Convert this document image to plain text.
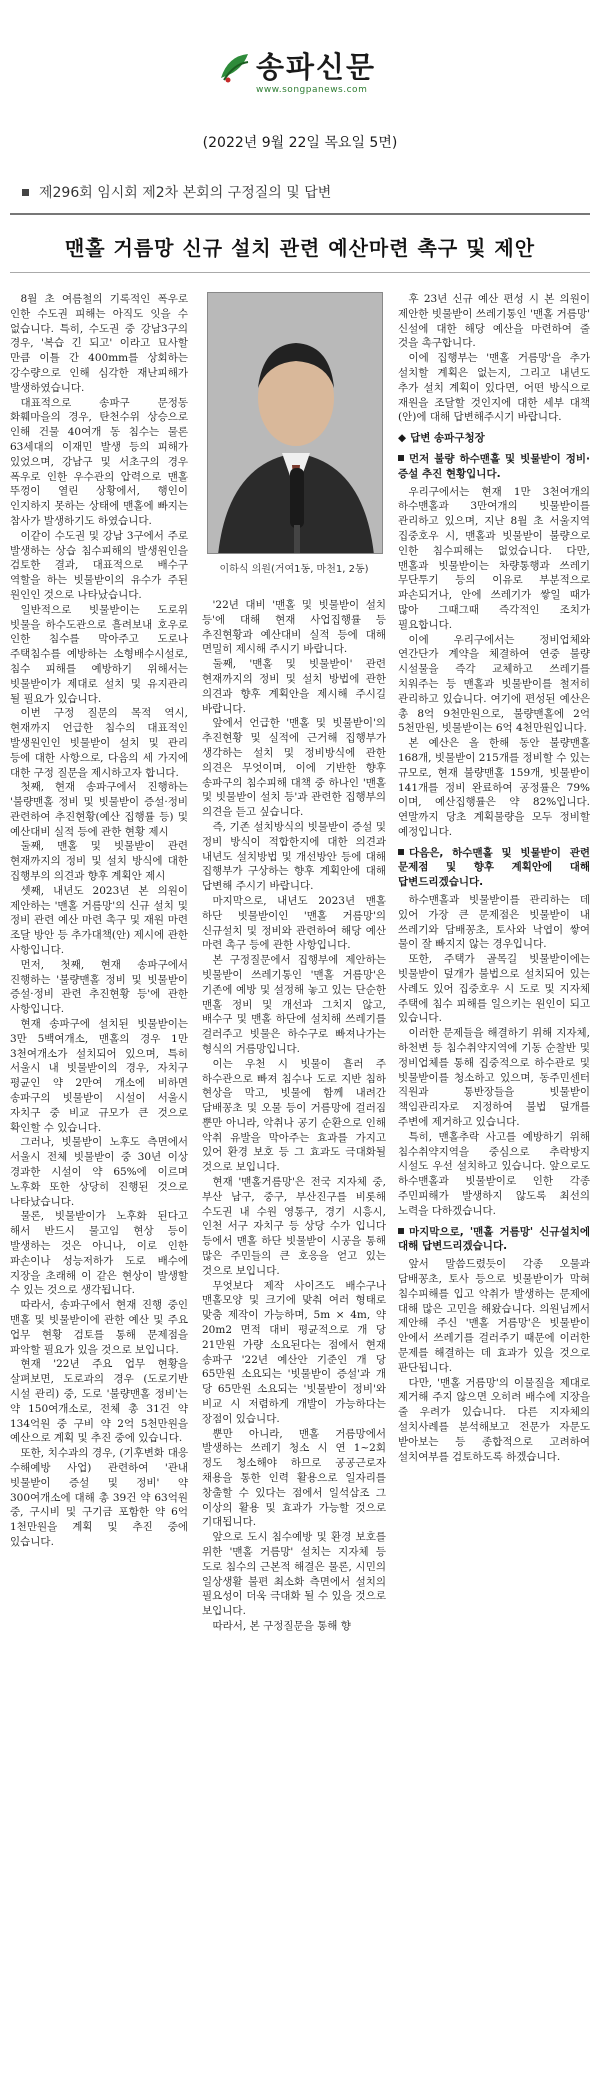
송파신문
www.songpanews.com
(2022년 9월 22일 목요일 5면)
제296회 임시회 제2차 본회의 구정질의 및 답변
맨홀 거름망 신규 설치 관련 예산마련 촉구 및 제안

8월 초 여름철의 기록적인 폭우로 인한 수도권 피해는 아직도 잇을 수 없습니다. 특히, 수도권 중 강남3구의 경우, '복습 긴 되고' 이라고 묘사할 만큼 이틀 간 400mm를 상회하는 강수량으로 인해 심각한 재난피해가 발생하였습니다.

대표적으로 송파구 문정동 화훼마을의 경우, 탄천수위 상승으로 인해 건물 40여개 동 침수는 물론 63세대의 이재민 발생 등의 피해가 있었으며, 강남구 및 서초구의 경우 폭우로 인한 우수관의 압력으로 맨홀 뚜껑이 열린 상황에서, 행인이 인지하지 못하는 상태에 맨홀에 빠지는 참사가 발생하기도 하였습니다.

이같이 수도권 및 강남 3구에서 주로 발생하는 상습 침수피해의 발생원인을 검토한 결과, 대표적으로 배수구 역할을 하는 빗물받이의 유수가 주된 원인인 것으로 나타났습니다.

일반적으로 빗물받이는 도로위 빗물을 하수도관으로 흘려보내 호우로 인한 침수를 막아주고 도로나 주택침수를 예방하는 소형배수시설로, 침수 피해를 예방하기 위해서는 빗물받이가 제대로 설치 및 유지관리 될 필요가 있습니다.

이번 구정 질문의 목적 역시, 현재까지 언급한 침수의 대표적인 발생원인인 빗물받이 설치 및 관리 등에 대한 사항으로, 다음의 세 가지에 대한 구정 질문을 제시하고자 합니다.

첫째, 현재 송파구에서 진행하는 '불량맨홀 정비 및 빗물받이 증설·정비 관련하여 추진현황(예산 집행률 등) 및 예산대비 실적 등에 관한 현황 제시

둘째, 맨홀 및 빗물받이 관련 현재까지의 정비 및 설치 방식에 대한 집행부의 의견과 향후 계획안 제시

셋째, 내년도 2023년 본 의원이 제안하는 '맨홀 거름망'의 신규 설치 및 정비 관련 예산 마련 촉구 및 재원 마련 조달 방안 등 추가대책(안) 제시에 관한 사항입니다.

먼저, 첫째, 현재 송파구에서 진행하는 '불량맨홀 정비 및 빗물받이 증설·정비 관련 추진현황 등'에 관한 사항입니다.

현재 송파구에 설치된 빗물받이는 3만 5백여개소, 맨홀의 경우 1만 3천여개소가 설치되어 있으며, 특히 서울시 내 빗물받이의 경우, 자치구 평균인 약 2만여 개소에 비하면 송파구의 빗물받이 시설이 서울시 자치구 중 비교 규모가 큰 것으로 확인할 수 있습니다.

그러나, 빗물받이 노후도 측면에서 서울시 전체 빗물받이 중 30년 이상 경과한 시설이 약 65%에 이르며 노후화 또한 상당히 진행된 것으로 나타났습니다.

물론, 빗물받이가 노후화 된다고 해서 반드시 물고임 현상 등이 발생하는 것은 아니나, 이로 인한 파손이나 성능저하가 도로 배수에 지장을 초래해 이 같은 현상이 발생할 수 있는 것으로 생각됩니다.

따라서, 송파구에서 현재 진행 중인 맨홀 및 빗물받이에 관한 예산 및 주요 업무 현황 검토를 통해 문제점을 파악할 필요가 있을 것으로 보입니다.

현재 '22년 주요 업무 현황을 살펴보면, 도로과의 경우 (도로기반 시설 관리) 중, 도로 '불량맨홀 정비'는 약 150여개소로, 전체 총 31건 약 134억원 중 구비 약 2억 5천만원을 예산으로 계획 및 추진 중에 있습니다.

또한, 치수과의 경우, (기후변화 대응 수해예방 사업) 관련하여 '관내 빗물받이 증설 및 정비' 약 300여개소에 대해 총 39건 약 63억원 중, 구시비 및 구기금 포함한 약 6억 1천만원을 계획 및 추진 중에 있습니다.

이하식 의원(거여1동, 마천1, 2동)

'22년 대비 '맨홀 및 빗물받이 설치 등'에 대해 현재 사업집행률 등 추진현황과 예산대비 실적 등에 대해 면밀히 제시해 주시기 바랍니다.

둘째, '맨홀 및 빗물받이' 관련 현재까지의 정비 및 설치 방법에 관한 의견과 향후 계획안을 제시해 주시길 바랍니다.

앞에서 언급한 '맨홀 및 빗물받이'의 추진현황 및 실적에 근거해 집행부가 생각하는 설치 및 정비방식에 관한 의견은 무엇이며, 이에 기반한 향후 송파구의 침수피해 대책 중 하나인 '맨홀 및 빗물받이 설치 등'과 관련한 집행부의 의견을 듣고 싶습니다.

즉, 기존 설치방식의 빗물받이 증설 및 정비 방식이 적합한지에 대한 의견과 내년도 설치방법 및 개선방안 등에 대해 집행부가 구상하는 향후 계획안에 대해 답변해 주시기 바랍니다.

마지막으로, 내년도 2023년 맨홀 하단 빗물받이인 '맨홀 거름망'의 신규설치 및 정비와 관련하여 해당 예산 마련 촉구 등에 관한 사항입니다.

본 구정질문에서 집행부에 제안하는 빗물받이 쓰레기통인 '맨홀 거름망'은 기존에 예방 및 설정해 놓고 있는 단순한 맨홀 정비 및 개선과 그치지 않고, 배수구 및 맨홀 하단에 설치해 쓰레기를 걸러주고 빗물은 하수구로 빠져나가는 형식의 거름망입니다.

이는 우천 시 빗물이 흘러 주 하수관으로 빠져 침수나 도로 지반 침하 현상을 막고, 빗물에 함께 내려간 담배꽁초 및 오물 등이 거름망에 걸러짐 뿐만 아니라, 악취나 공기 순환으로 인해 악취 유발을 막아주는 효과를 가지고 있어 환경 보호 등 그 효과도 극대화될 것으로 보입니다.

현재 '맨홀거름망'은 전국 지자체 중, 부산 남구, 중구, 부산진구를 비롯해 수도권 내 수원 영통구, 경기 시흥시, 인천 서구 자치구 등 상당 수가 입니다 등에서 맨홀 하단 빗물받이 시공을 통해 많은 주민들의 큰 호응을 얻고 있는 것으로 보입니다.

무엇보다 제작 사이즈도 배수구나 맨홀모양 및 크기에 맞춰 여러 형태로 맞춤 제작이 가능하며, 5m × 4m, 약 20m2 면적 대비 평균적으로 개 당 21만원 가량 소요된다는 점에서 현재 송파구 '22년 예산안 기준인 개 당 65만원 소요되는 '빗물받이 증설'과 개 당 65만원 소요되는 '빗물받이 정비'와 비교 시 저렴하게 개발이 가능하다는 장점이 있습니다.

뿐만 아니라, 맨홀 거름망에서 발생하는 쓰레기 청소 시 연 1~2회 정도 청소해야 하므로 공공근로자 채용을 통한 인력 활용으로 일자리를 창출할 수 있다는 점에서 일석삼조 그 이상의 활용 및 효과가 가능할 것으로 기대됩니다.

앞으로 도시 침수예방 및 환경 보호를 위한 '맨홀 거름망' 설치는 지자체 등 도로 침수의 근본적 해결은 물론, 시민의 일상생활 불편 최소화 측면에서 설치의 필요성이 더욱 극대화 될 수 있을 것으로 보입니다.

따라서, 본 구정질문을 통해 향

후 23년 신규 예산 편성 시 본 의원이 제안한 빗물받이 쓰레기통인 '맨홀 거름망' 신설에 대한 해당 예산을 마련하여 줄 것을 촉구합니다.

이에 집행부는 '맨홀 거름망'을 추가 설치할 계획은 없는지, 그리고 내년도 추가 설치 계획이 있다면, 어떤 방식으로 재원을 조달할 것인지에 대한 세부 대책(안)에 대해 답변해주시기 바랍니다.

◆ 답변 송파구청장
먼저 불량 하수맨홀 및 빗물받이 정비·증설 추진 현황입니다.

우리구에서는 현재 1만 3천여개의 하수맨홀과 3만여개의 빗물받이를 관리하고 있으며, 지난 8월 초 서울지역 집중호우 시, 맨홀과 빗물받이 불량으로 인한 침수피해는 없었습니다. 다만, 맨홀과 빗물받이는 차량통행과 쓰레기 무단투기 등의 이유로 부분적으로 파손되거나, 안에 쓰레기가 쌓일 때가 많아 그때그때 즉각적인 조치가 필요합니다.

이에 우리구에서는 정비업체와 연간단가 계약을 체결하여 연중 불량 시설물을 즉각 교체하고 쓰레기를 치워주는 등 맨홀과 빗물받이를 철저히 관리하고 있습니다. 여기에 편성된 예산은 총 8억 9천만원으로, 불량맨홀에 2억 5천만원, 빗물받이는 6억 4천만원입니다.

본 예산은 올 한해 동안 불량맨홀 168개, 빗물받이 215개를 정비할 수 있는 규모로, 현재 불량맨홀 159개, 빗물받이 141개를 정비 완료하여 공정률은 79%이며, 예산집행률은 약 82%입니다. 연말까지 당초 계획물량을 모두 정비할 예정입니다.

다음은, 하수맨홀 및 빗물받이 관련 문제점 및 향후 계획안에 대해 답변드리겠습니다.

하수맨홀과 빗물받이를 관리하는 데 있어 가장 큰 문제점은 빗물받이 내 쓰레기와 담배꽁초, 토사와 낙엽이 쌓여 물이 잘 빠지지 않는 경우입니다.

또한, 주택가 골목길 빗물받이에는 빗물받이 덮개가 불법으로 설치되어 있는 사례도 있어 집중호우 시 도로 및 지자체 주택에 침수 피해를 일으키는 원인이 되고 있습니다.

이러한 문제들을 해결하기 위해 지자체, 하천변 등 침수취약지역에 기동 순찰반 및 정비업체를 통해 집중적으로 하수관로 및 빗물받이를 청소하고 있으며, 동주민센터 직원과 통반장들을 빗물받이 책임관리자로 지정하여 불법 덮개를 주변에 제거하고 있습니다.

특히, 맨홀추락 사고를 예방하기 위해 침수취약지역을 중심으로 추락방지 시설도 우선 설치하고 있습니다. 앞으로도 하수맨홀과 빗물받이로 인한 각종 주민피해가 발생하지 않도록 최선의 노력을 다하겠습니다.

마지막으로, '맨홀 거름망' 신규설치에 대해 답변드리겠습니다.

앞서 말씀드렸듯이 각종 오물과 담배꽁초, 토사 등으로 빗물받이가 막혀 침수피해를 입고 악취가 발생하는 문제에 대해 많은 고민을 해왔습니다. 의원님께서 제안해 주신 '맨홀 거름망'은 빗물받이 안에서 쓰레기를 걸러주기 때문에 이러한 문제를 해결하는 데 효과가 있을 것으로 판단됩니다.

다만, '맨홀 거름망'의 이물질을 제대로 제거해 주지 않으면 오히려 배수에 지장을 줄 우려가 있습니다. 다른 지자체의 설치사례를 분석해보고 전문가 자문도 받아보는 등 종합적으로 고려하여 설치여부를 검토하도록 하겠습니다.
